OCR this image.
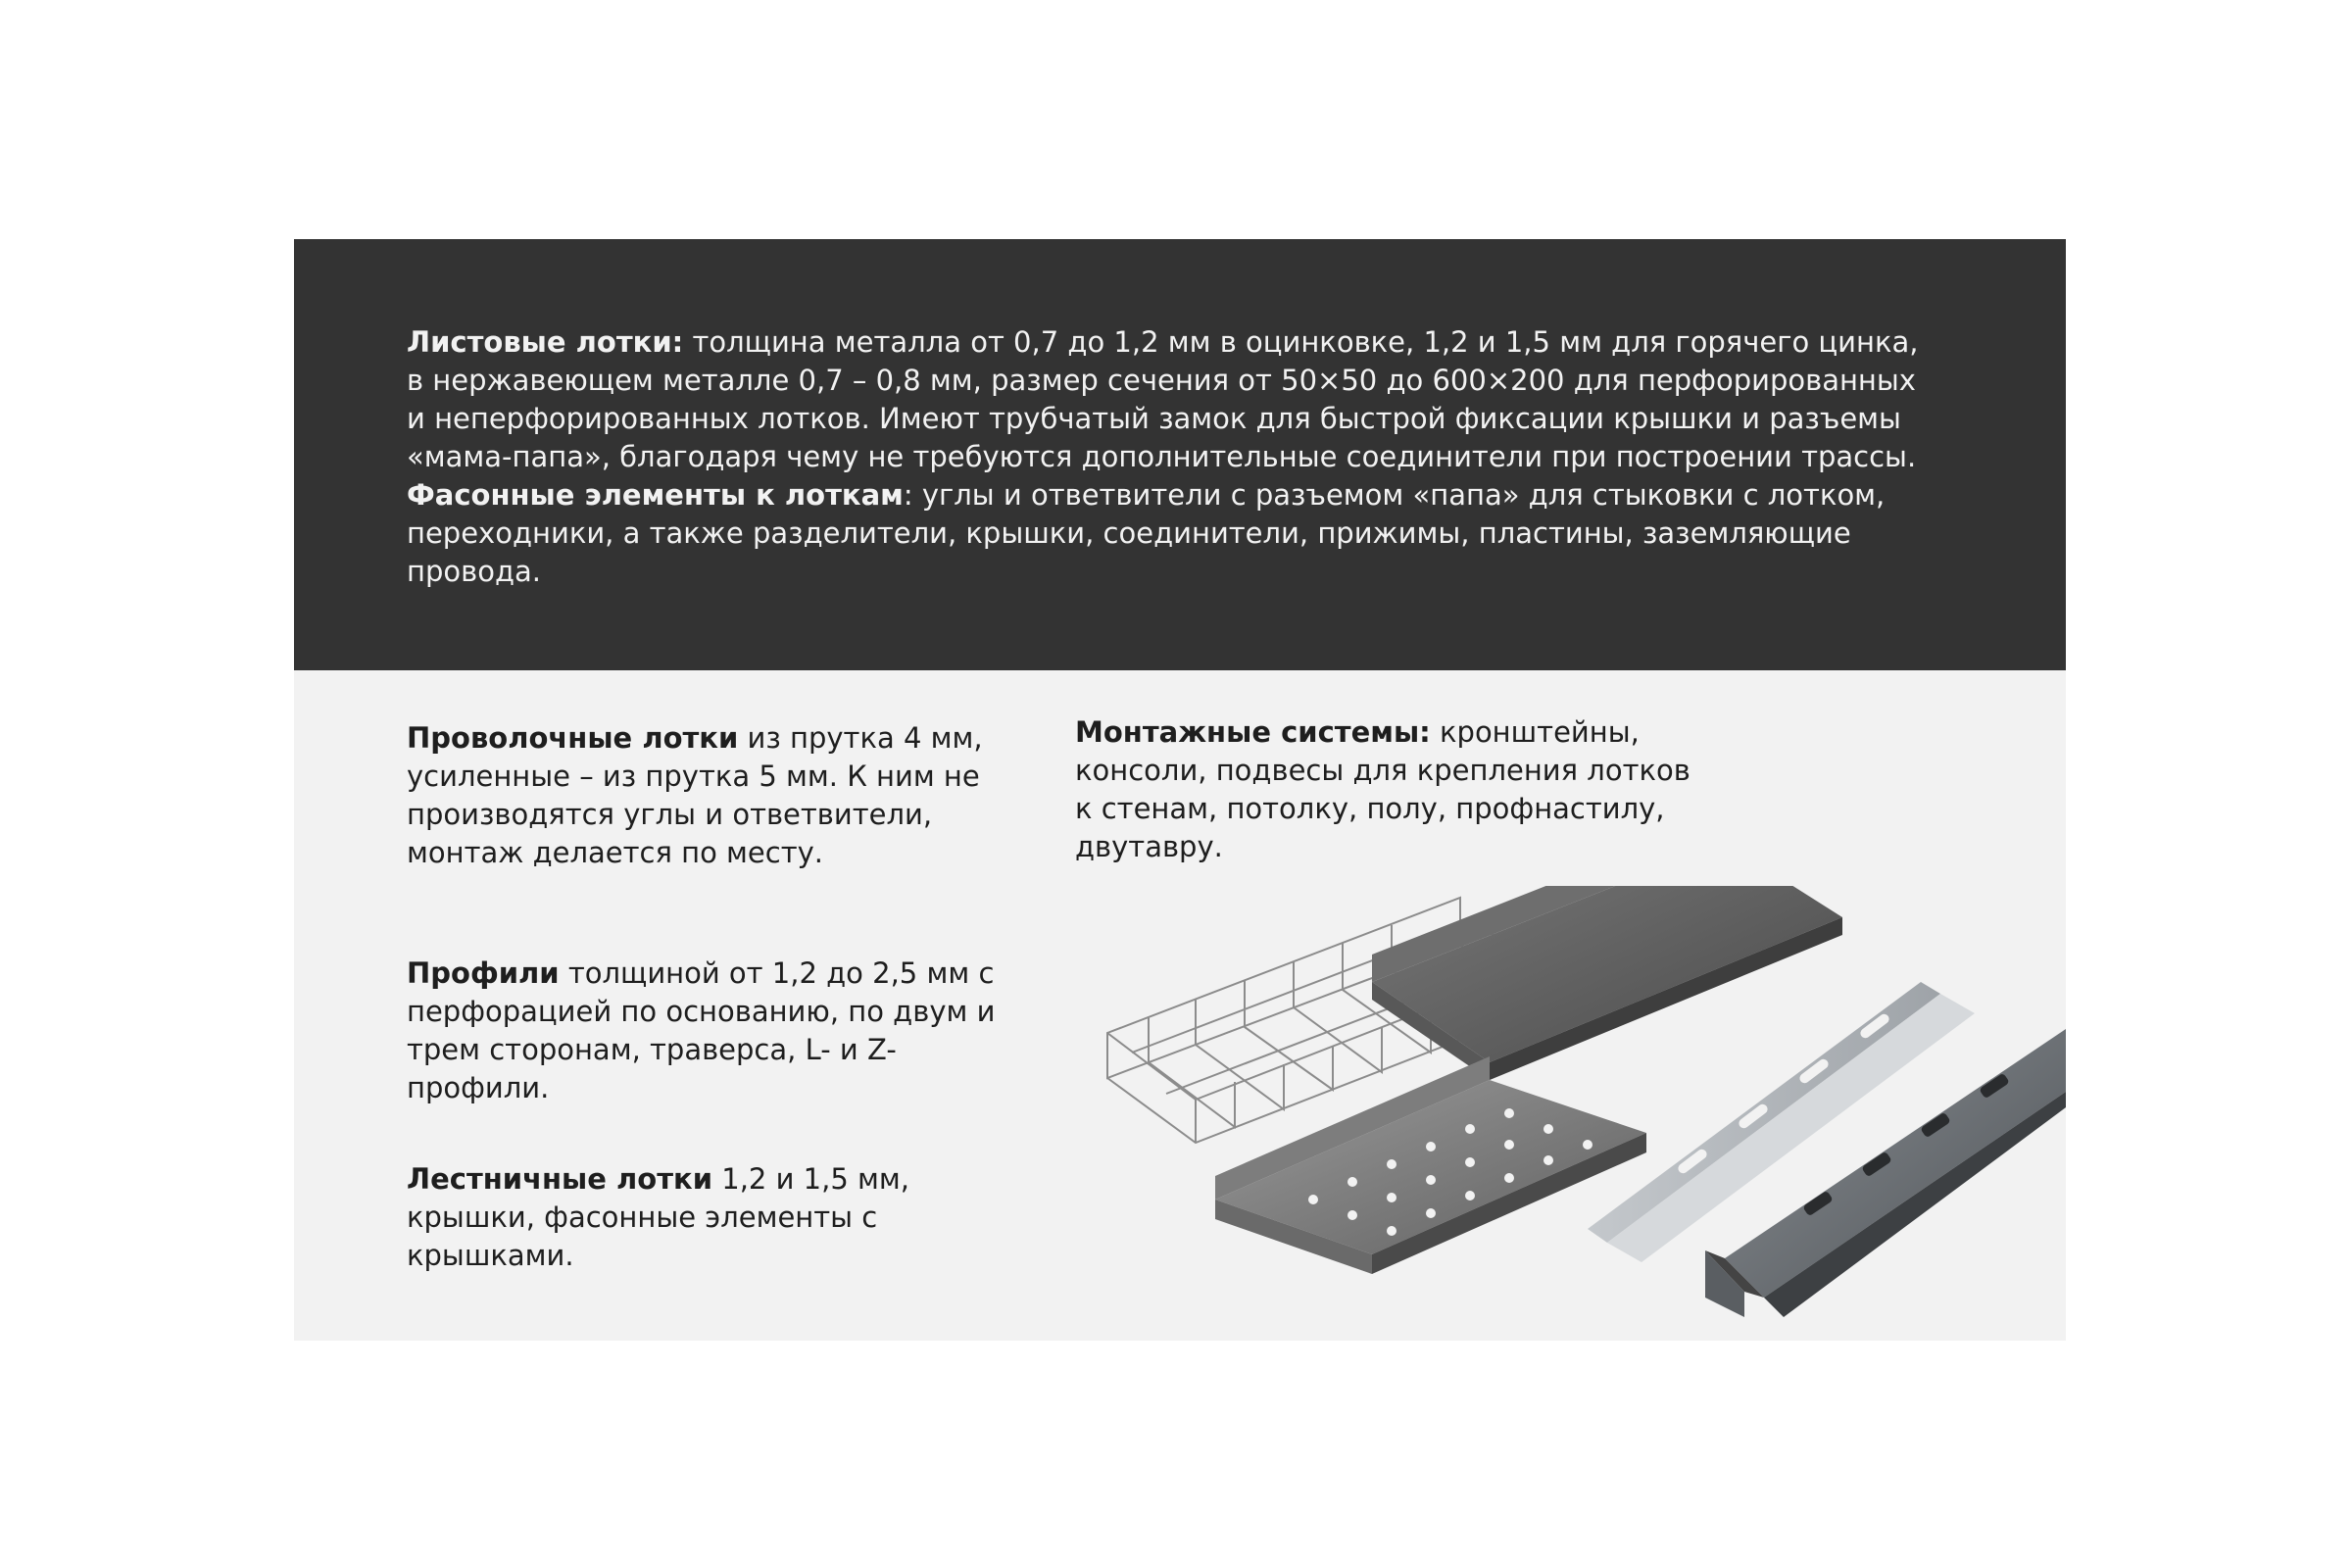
Листовые лотки: толщина металла от 0,7 до 1,2 мм в оцинковке, 1,2 и 1,5 мм для горячего цинка, в нержавеющем металле 0,7 – 0,8 мм, размер сечения от 50×50 до 600×200 для перфорированных и неперфорированных лотков. Имеют трубчатый замок для быстрой фиксации крышки и разъемы «мама-папа», благодаря чему не требуются дополнительные соединители при построении трассы. Фасонные элементы к лоткам: углы и ответвители с разъемом «папа» для стыковки с лотком, переходники, а также разделители, крышки, соединители, прижимы, пластины, заземляющие провода.

Проволочные лотки из прутка 4 мм, усиленные – из прутка 5 мм. К ним не производятся углы и ответвители, монтаж делается по месту.

Профили толщиной от 1,2 до 2,5 мм с перфорацией по основанию, по двум и трем сторонам, траверса, L- и Z- профили.

Лестничные лотки 1,2 и 1,5 мм, крышки, фасонные элементы с крышками.

Монтажные системы: кронштейны, консоли, подвесы для крепления лотков к стенам, потолку, полу, профнастилу, двутавру.
